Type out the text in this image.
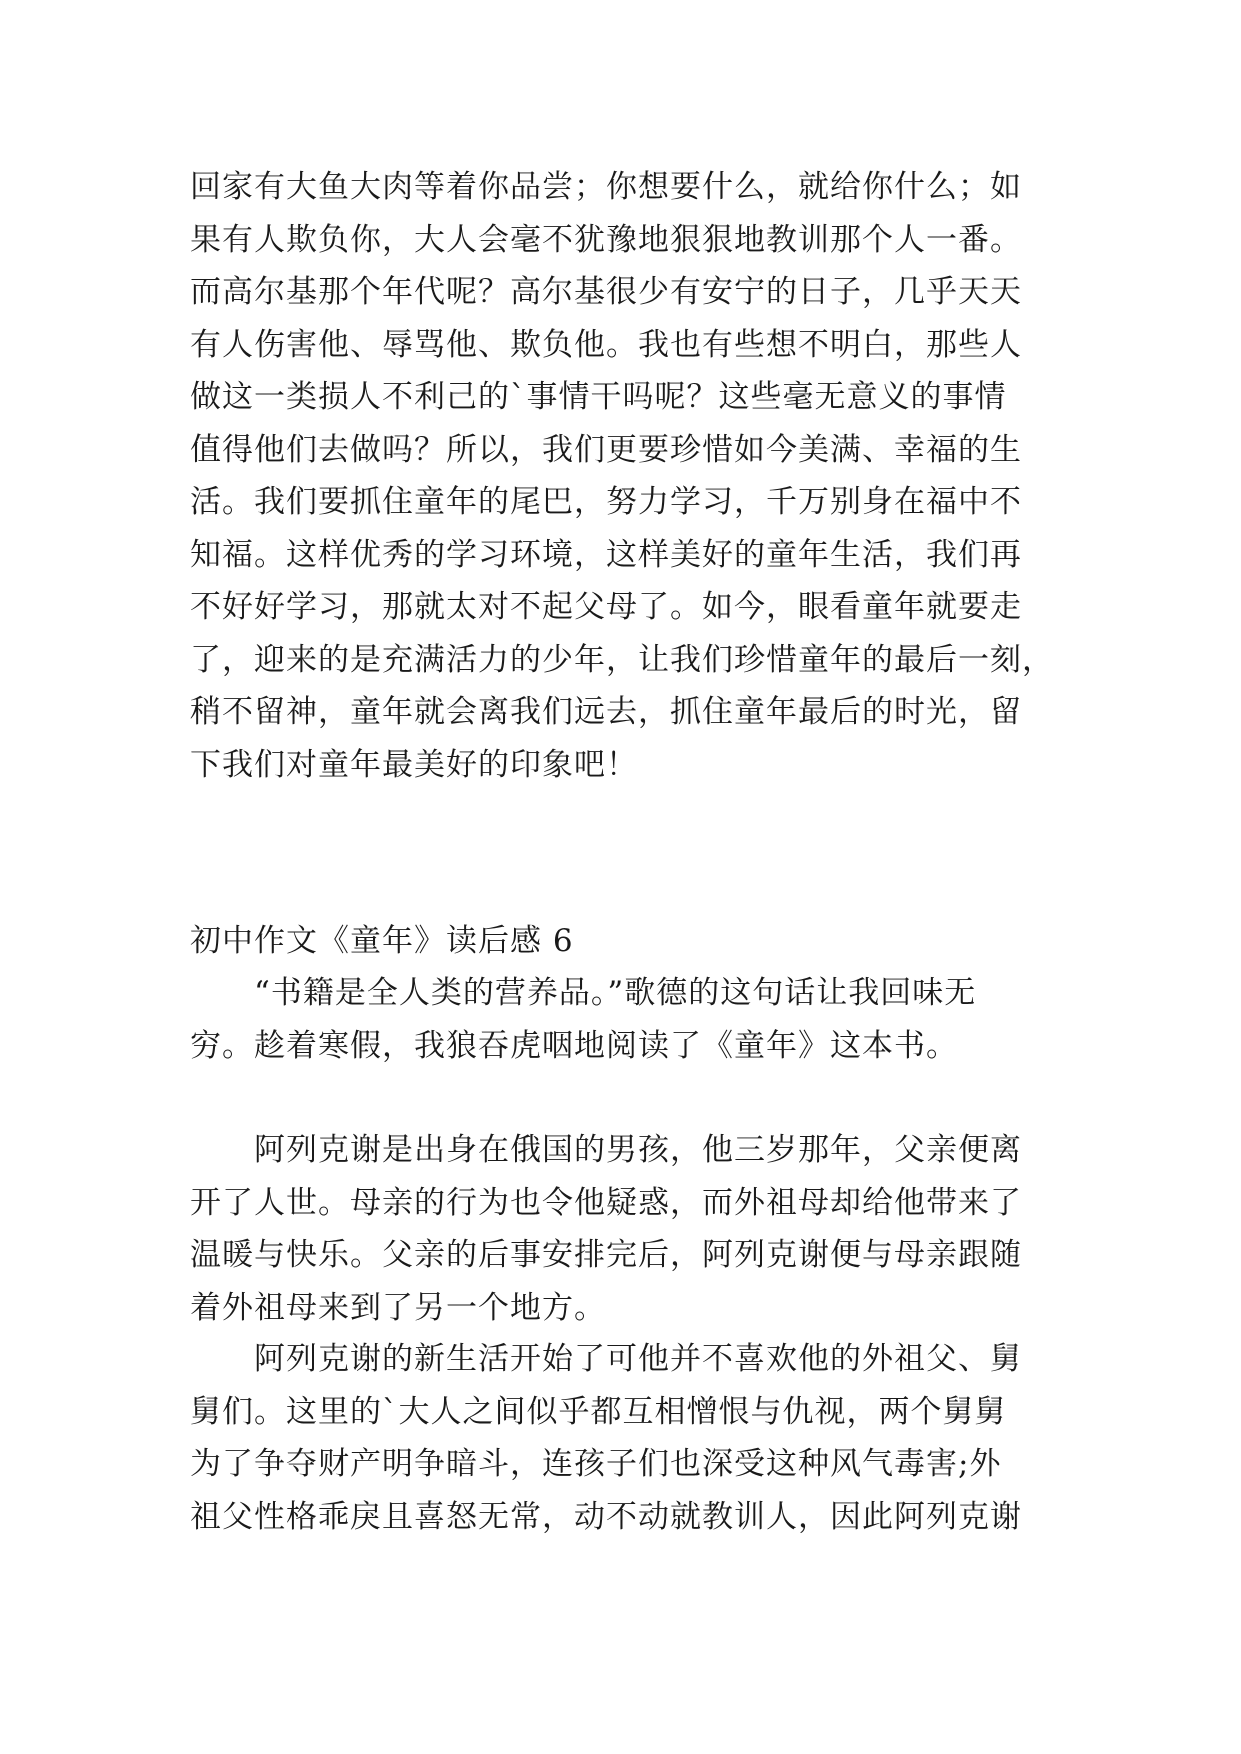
回家有大鱼大肉等着你品尝；你想要什么，就给你什么；如
果有人欺负你，大人会毫不犹豫地狠狠地教训那个人一番。
而高尔基那个年代呢？高尔基很少有安宁的日子，几乎天天
有人伤害他、辱骂他、欺负他。我也有些想不明白，那些人
做这一类损人不利己的`事情干吗呢？这些毫无意义的事情
值得他们去做吗？所以，我们更要珍惜如今美满、幸福的生
活。我们要抓住童年的尾巴，努力学习，千万别身在福中不
知福。这样优秀的学习环境，这样美好的童年生活，我们再
不好好学习，那就太对不起父母了。如今，眼看童年就要走
了，迎来的是充满活力的少年，让我们珍惜童年的最后一刻，
稍不留神，童年就会离我们远去，抓住童年最后的时光，留
下我们对童年最美好的印象吧！
初中作文《童年》读后感 6
“书籍是全人类的营养品。”歌德的这句话让我回味无
穷。趁着寒假，我狼吞虎咽地阅读了《童年》这本书。
阿列克谢是出身在俄国的男孩，他三岁那年，父亲便离
开了人世。母亲的行为也令他疑惑，而外祖母却给他带来了
温暖与快乐。父亲的后事安排完后，阿列克谢便与母亲跟随
着外祖母来到了另一个地方。
阿列克谢的新生活开始了可他并不喜欢他的外祖父、舅
舅们。这里的`大人之间似乎都互相憎恨与仇视，两个舅舅
为了争夺财产明争暗斗，连孩子们也深受这种风气毒害;外
祖父性格乖戾且喜怒无常，动不动就教训人，因此阿列克谢
